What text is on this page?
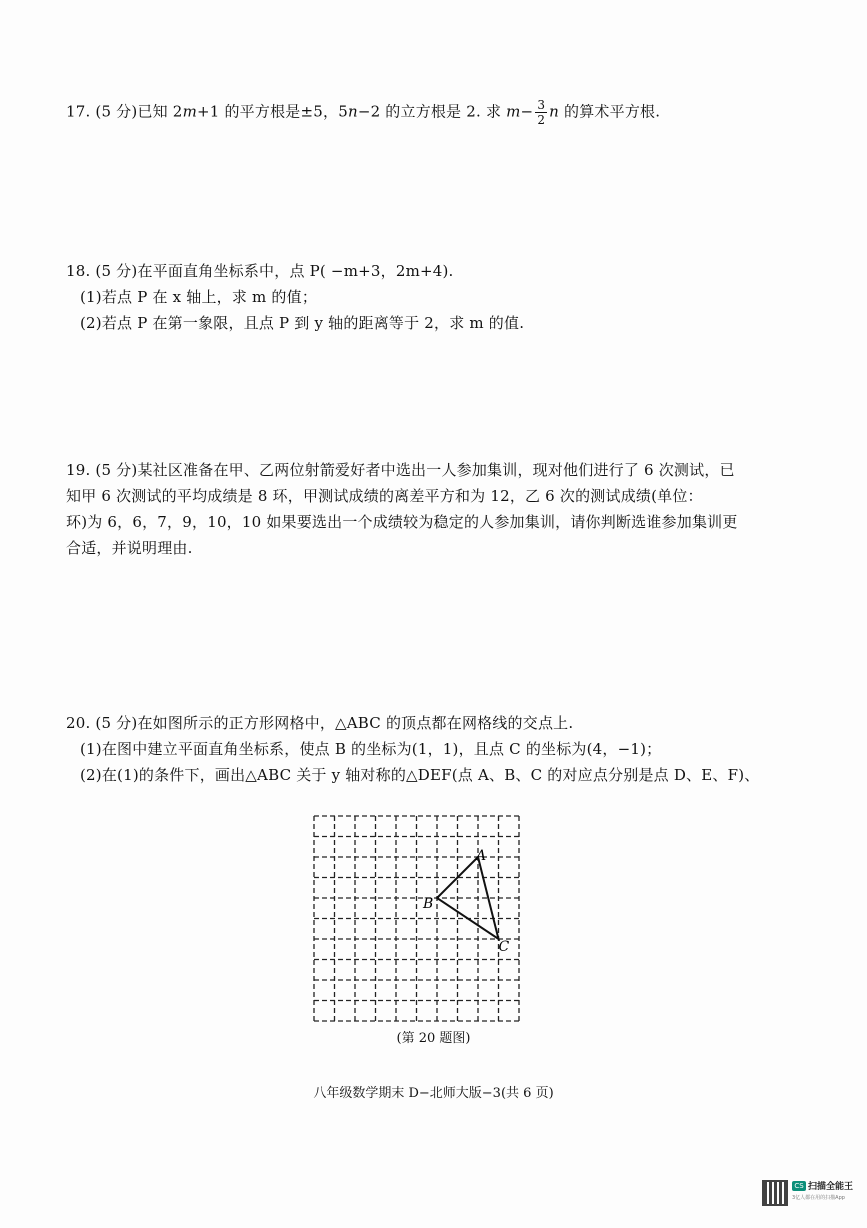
17. (5 分)已知 2m+1 的平方根是±5，5n−2 的立方根是 2. 求 $m- \frac{3}{2}$ n 的算术平方根.

18. (5 分)在平面直角坐标系中，点 P( −m+3，2m+4).

(1)若点 P 在 x 轴上，求 m 的值；

(2)若点 P 在第一象限，且点 P 到 y 轴的距离等于 2，求 m 的值.

19. (5 分)某社区准备在甲、乙两位射箭爱好者中选出一人参加集训，现对他们进行了 6 次测试，已

知甲 6 次测试的平均成绩是 8 环，甲测试成绩的离差平方和为 12，乙 6 次的测试成绩(单位：

环)为 6，6，7，9，10，10 如果要选出一个成绩较为稳定的人参加集训，请你判断选谁参加集训更

合适，并说明理由.

20. (5 分)在如图所示的正方形网格中，△ABC 的顶点都在网格线的交点上.

(1)在图中建立平面直角坐标系，使点 B 的坐标为(1，1)，且点 C 的坐标为(4，−1)；

(2)在(1)的条件下，画出△ABC 关于 y 轴对称的△DEF(点 A、B、C 的对应点分别是点 D、E、F)、

A
B
C
(第 20 题图)
八年级数学期末 D−北师大版−3(共 6 页)
CS 扫描全能王
3亿人都在用的扫描App
